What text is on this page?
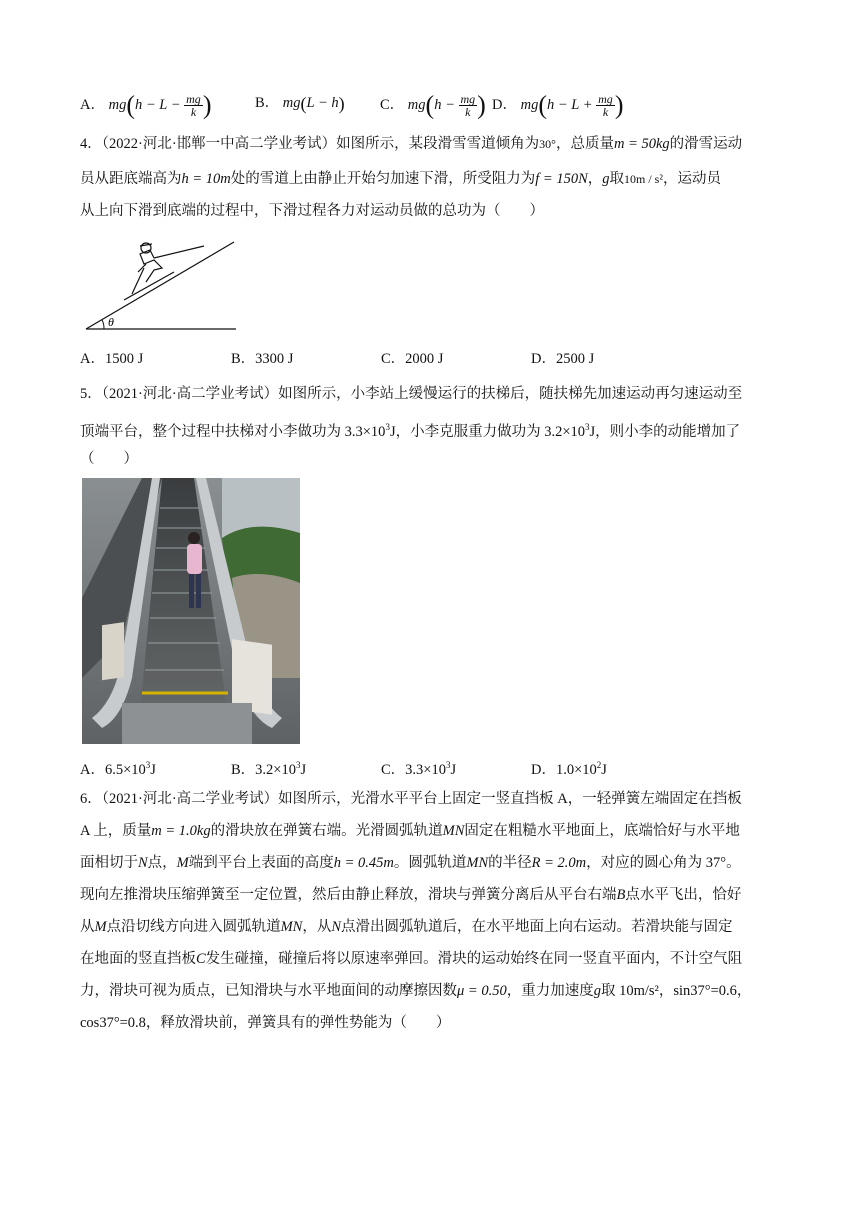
A． $mg(h - L - \frac{mg}{k}$ )	B． mg(L − h) C． $mg(h - \frac{mg}{k}$ ) D． $mg(h - L + \frac{mg}{k}$ )
4．（2022·河北·邯郸一中高二学业考试）如图所示，某段滑雪雪道倾角为30°，总质量m = 50kg的滑雪运动
员从距底端高为h = 10m处的雪道上由静止开始匀加速下滑，所受阻力为f = 150N，g取10m / s²，运动员
从上向下滑到底端的过程中，下滑过程各力对运动员做的总功为（　　）
θ
A．1500 J	B．3300 J	C．2000 J	D．2500 J
5．（2021·河北·高二学业考试）如图所示，小李站上缓慢运行的扶梯后，随扶梯先加速运动再匀速运动至
顶端平台，整个过程中扶梯对小李做功为 $3.3\times 10^3J$，小李克服重力做功为 $3.2\times 10^3J$，则小李的动能增加了
（　　）
A．$6.5\times 10^3J$	B．$3.2\times 10^3J$	C．$3.3\times 10^3J$	D．$1.0\times 10^2J$
6．（2021·河北·高二学业考试）如图所示，光滑水平平台上固定一竖直挡板 A，一轻弹簧左端固定在挡板
A 上，质量m = 1.0kg的滑块放在弹簧右端。光滑圆弧轨道MN固定在粗糙水平地面上，底端恰好与水平地
面相切于N点，M端到平台上表面的高度h = 0.45m。圆弧轨道MN的半径R = 2.0m，对应的圆心角为 37°。
现向左推滑块压缩弹簧至一定位置，然后由静止释放，滑块与弹簧分离后从平台右端B点水平飞出，恰好
从M点沿切线方向进入圆弧轨道MN，从N点滑出圆弧轨道后，在水平地面上向右运动。若滑块能与固定
在地面的竖直挡板C发生碰撞，碰撞后将以原速率弹回。滑块的运动始终在同一竖直平面内，不计空气阻
力，滑块可视为质点，已知滑块与水平地面间的动摩擦因数μ = 0.50，重力加速度g取 10m/s²，sin37°=0.6，
cos37°=0.8，释放滑块前，弹簧具有的弹性势能为（　　）
